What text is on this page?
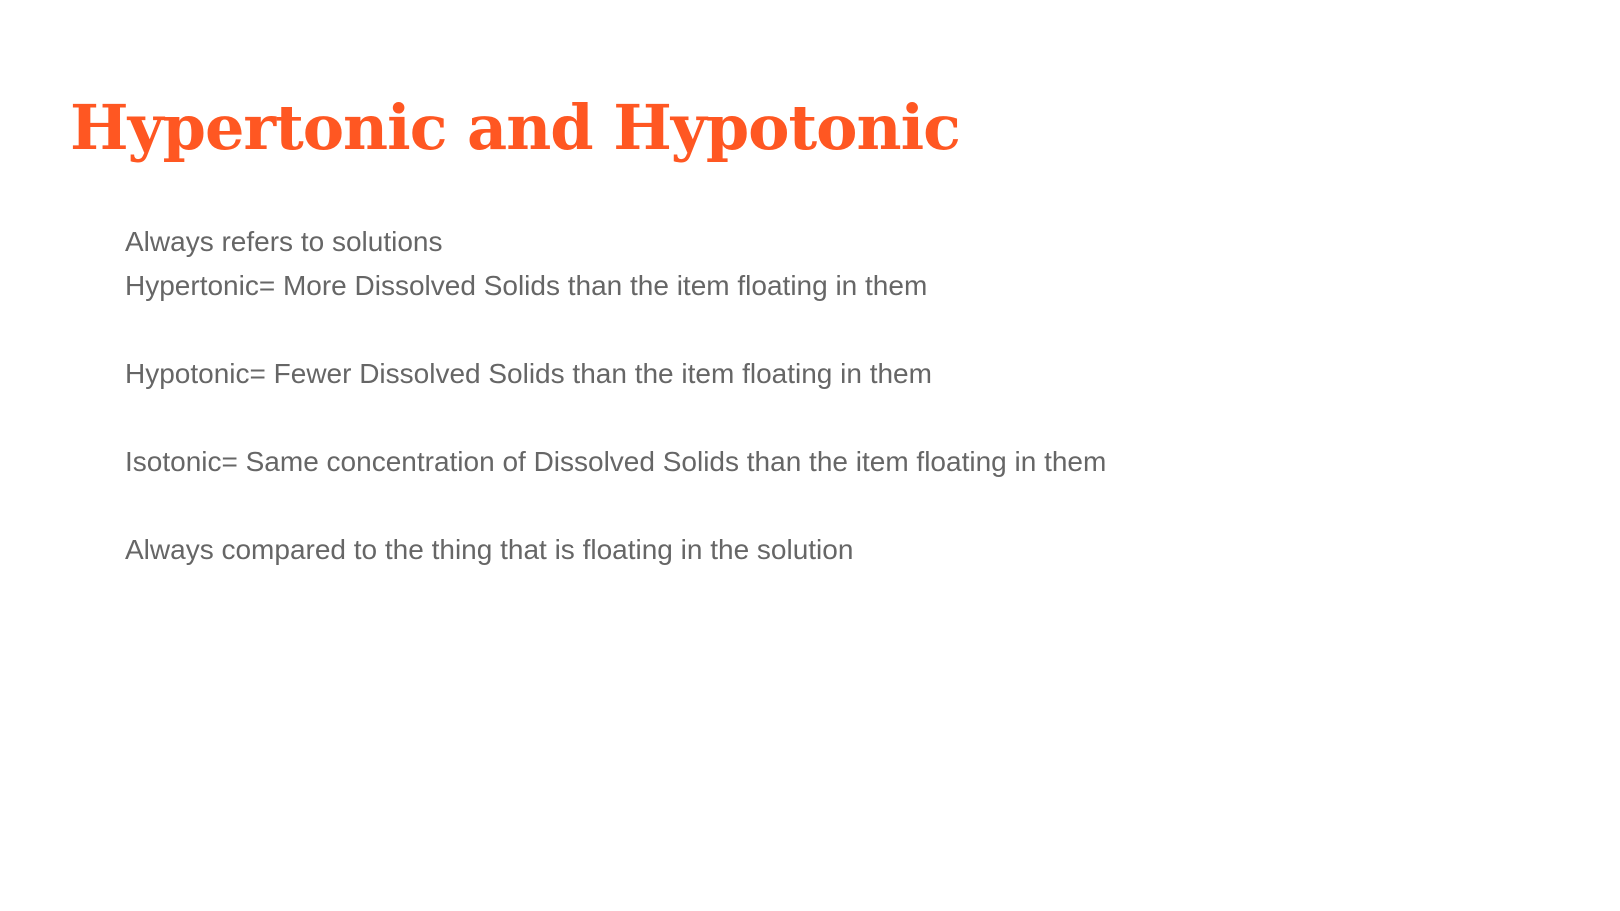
Hypertonic and Hypotonic
Always refers to solutions
Hypertonic= More Dissolved Solids than the item floating in them
Hypotonic= Fewer Dissolved Solids than the item floating in them
Isotonic= Same concentration of Dissolved Solids than the item floating in them
Always compared to the thing that is floating in the solution
